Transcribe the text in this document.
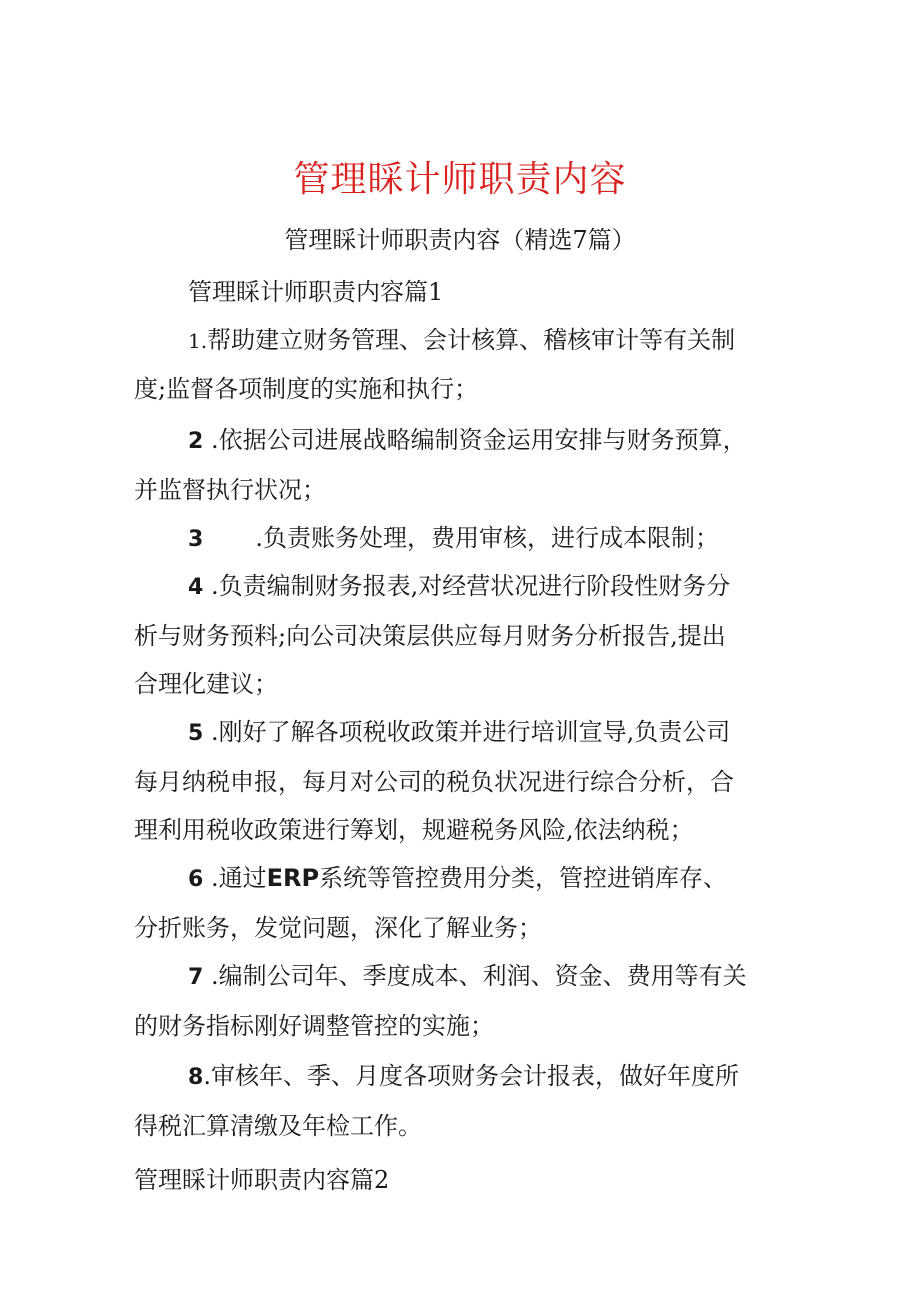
管理睬计师职责内容
管理睬计师职责内容（精选7篇）
管理睬计师职责内容篇1
1.帮助建立财务管理、会计核算、稽核审计等有关制
度;监督各项制度的实施和执行；
2 .依据公司进展战略编制资金运用安排与财务预算，
并监督执行状况；
3 .负责账务处理，费用审核，进行成本限制；
4 .负责编制财务报表,对经营状况进行阶段性财务分
析与财务预料;向公司决策层供应每月财务分析报告,提出
合理化建议；
5 .刚好了解各项税收政策并进行培训宣导,负责公司
每月纳税申报，每月对公司的税负状况进行综合分析，合
理利用税收政策进行筹划，规避税务风险,依法纳税；
6 .通过ERP系统等管控费用分类，管控进销库存、
分折账务，发觉问题，深化了解业务；
7 .编制公司年、季度成本、利润、资金、费用等有关
的财务指标刚好调整管控的实施；
8.审核年、季、月度各项财务会计报表，做好年度所
得税汇算清缴及年检工作。
管理睬计师职责内容篇2
